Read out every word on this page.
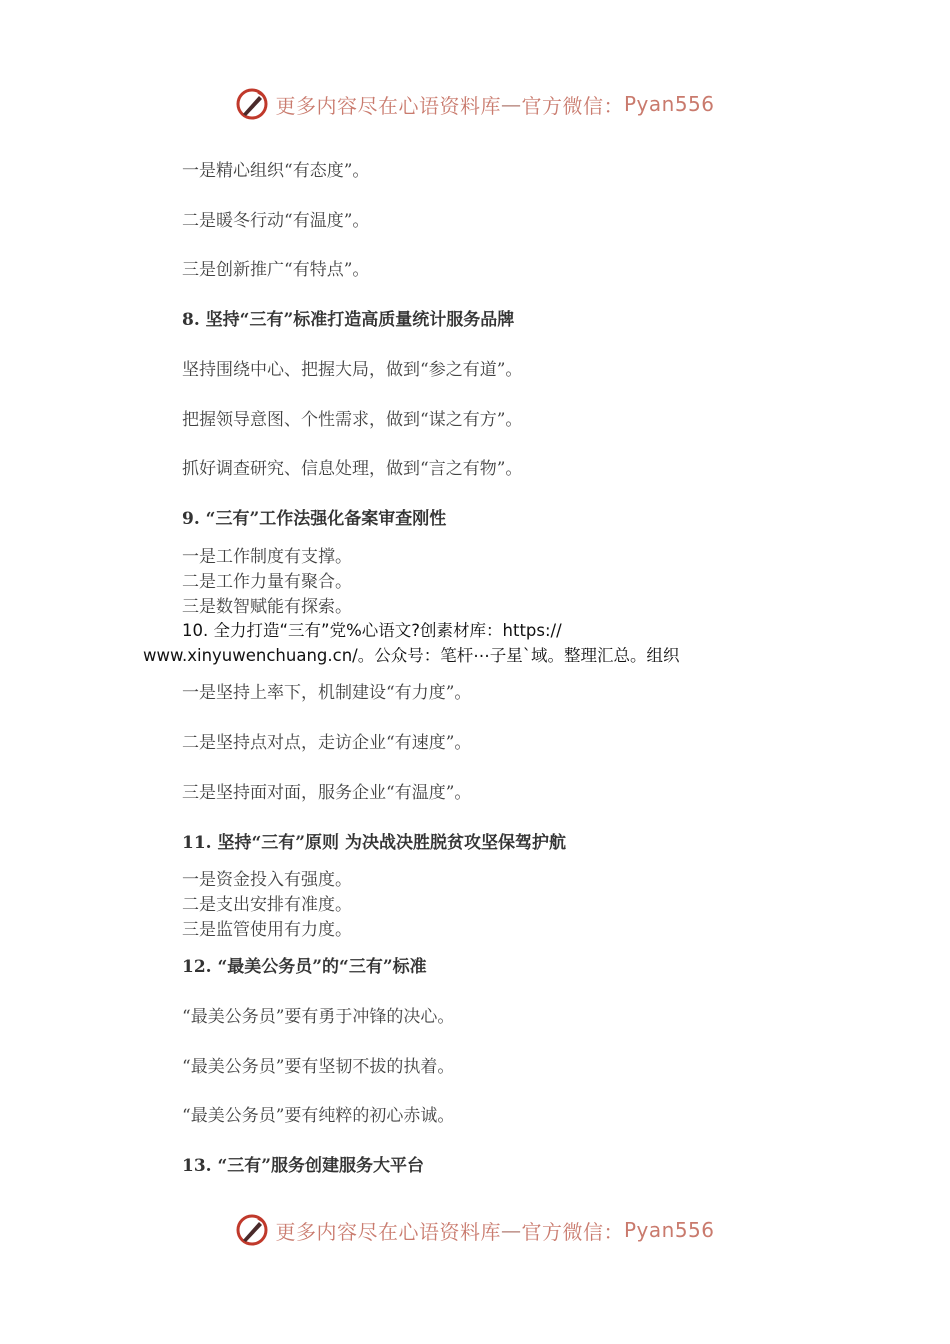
更多内容尽在心语资料库 — 官方微信： Pyan556
一是精心组织“有态度”。
二是暖冬行动“有温度”。
三是创新推广“有特点”。
8. 坚持“三有”标准打造高质量统计服务品牌
坚持围绕中心、把握大局，做到“参之有道”。
把握领导意图、个性需求，做到“谋之有方”。
抓好调查研究、信息处理，做到“言之有物”。
9. “三有”工作法强化备案审查刚性
一是工作制度有支撑。
二是工作力量有聚合。
三是数智赋能有探索。
10. 全力打造“三有”党%心语文?创素材库：https://
www.xinyuwenchuang.cn/。公众号：笔杆⋯子星`域。整理汇总。组织
一是坚持上率下，机制建设“有力度”。
二是坚持点对点，走访企业“有速度”。
三是坚持面对面，服务企业“有温度”。
11. 坚持“三有”原则 为决战决胜脱贫攻坚保驾护航
一是资金投入有强度。
二是支出安排有准度。
三是监管使用有力度。
12. “最美公务员”的“三有”标准
“最美公务员”要有勇于冲锋的决心。
“最美公务员”要有坚韧不拔的执着。
“最美公务员”要有纯粹的初心赤诚。
13. “三有”服务创建服务大平台
更多内容尽在心语资料库 — 官方微信： Pyan556
